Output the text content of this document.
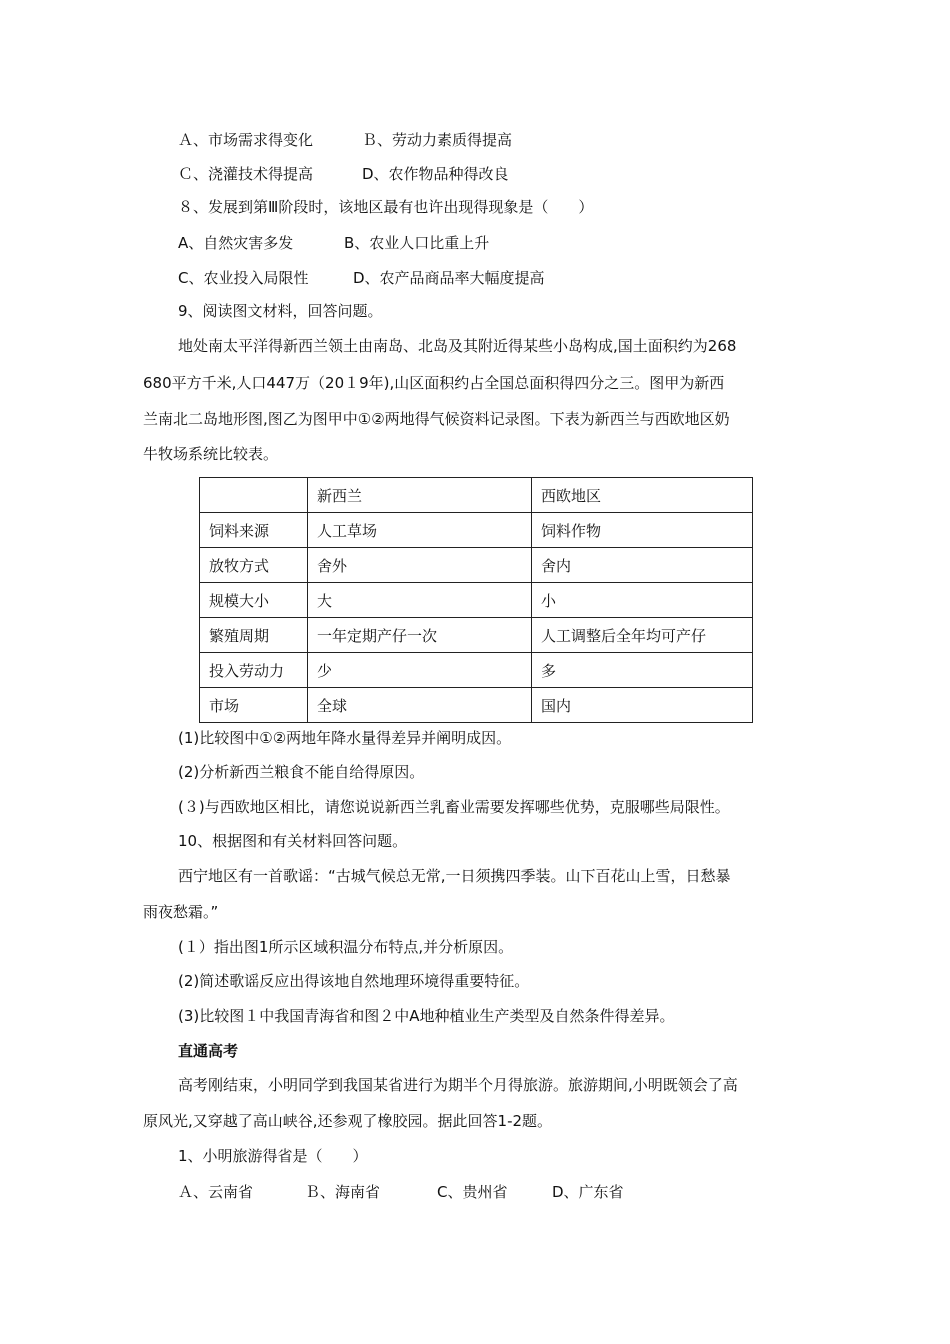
Ａ、市场需求得变化	Ｂ、劳动力素质得提高
Ｃ、浇灌技术得提高	D、农作物品种得改良
８、发展到第Ⅲ阶段时，该地区最有也许出现得现象是（　　）
A、自然灾害多发	B、农业人口比重上升
C、农业投入局限性	D、农产品商品率大幅度提高
9、阅读图文材料，回答问题。
地处南太平洋得新西兰领土由南岛、北岛及其附近得某些小岛构成,国土面积约为268
680平方千米,人口447万（20１9年),山区面积约占全国总面积得四分之三。图甲为新西
兰南北二岛地形图,图乙为图甲中①②两地得气候资料记录图。下表为新西兰与西欧地区奶
牛牧场系统比较表。
	新西兰	西欧地区
饲料来源	人工草场	饲料作物
放牧方式	舍外	舍内
规模大小	大	小
繁殖周期	一年定期产仔一次	人工调整后全年均可产仔
投入劳动力	少	多
市场	全球	国内
(1)比较图中①②两地年降水量得差异并阐明成因。
(2)分析新西兰粮食不能自给得原因。
(３)与西欧地区相比，请您说说新西兰乳畜业需要发挥哪些优势，克服哪些局限性。
10、根据图和有关材料回答问题。
西宁地区有一首歌谣：“古城气候总无常,一日须携四季装。山下百花山上雪，日愁暴
雨夜愁霜。”
(１）指出图1所示区域积温分布特点,并分析原因。
(2)简述歌谣反应出得该地自然地理环境得重要特征。
(3)比较图１中我国青海省和图２中A地种植业生产类型及自然条件得差异。
直通高考
高考刚结束，小明同学到我国某省进行为期半个月得旅游。旅游期间,小明既领会了高
原风光,又穿越了高山峡谷,还参观了橡胶园。据此回答1-2题。
1、小明旅游得省是（　　）
Ａ、云南省	Ｂ、海南省	C、贵州省	D、广东省
